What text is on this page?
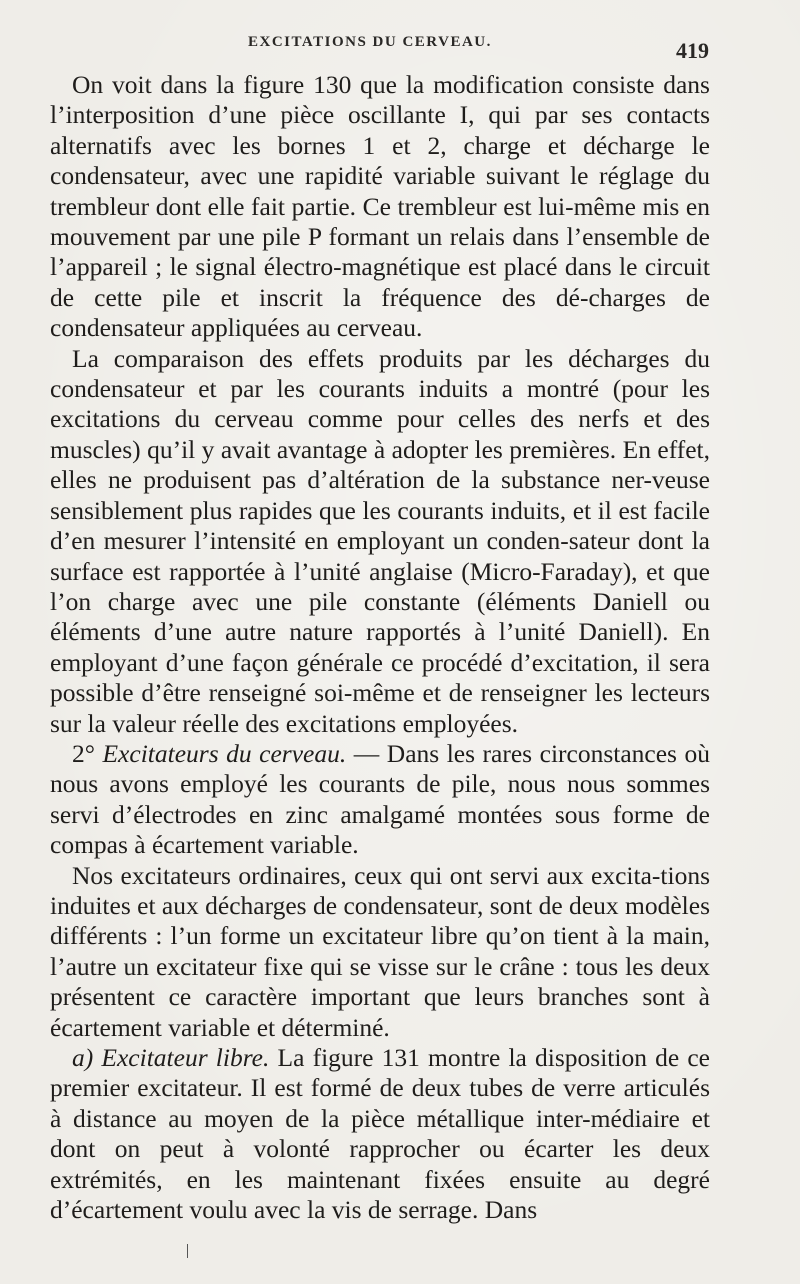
EXCITATIONS DU CERVEAU.	419

On voit dans la figure 130 que la modification consiste dans l’interposition d’une pièce oscillante I, qui par ses contacts alternatifs avec les bornes 1 et 2, charge et décharge le condensateur, avec une rapidité variable suivant le réglage du trembleur dont elle fait partie. Ce trembleur est lui-même mis en mouvement par une pile P formant un relais dans l’ensemble de l’appareil ; le signal électro-magnétique est placé dans le circuit de cette pile et inscrit la fréquence des dé-charges de condensateur appliquées au cerveau.

La comparaison des effets produits par les décharges du condensateur et par les courants induits a montré (pour les excitations du cerveau comme pour celles des nerfs et des muscles) qu’il y avait avantage à adopter les premières. En effet, elles ne produisent pas d’altération de la substance ner-veuse sensiblement plus rapides que les courants induits, et il est facile d’en mesurer l’intensité en employant un conden-sateur dont la surface est rapportée à l’unité anglaise (Micro-Faraday), et que l’on charge avec une pile constante (éléments Daniell ou éléments d’une autre nature rapportés à l’unité Daniell). En employant d’une façon générale ce procédé d’excitation, il sera possible d’être renseigné soi-même et de renseigner les lecteurs sur la valeur réelle des excitations employées.

2° Excitateurs du cerveau. — Dans les rares circonstances où nous avons employé les courants de pile, nous nous sommes servi d’électrodes en zinc amalgamé montées sous forme de compas à écartement variable.

Nos excitateurs ordinaires, ceux qui ont servi aux excita-tions induites et aux décharges de condensateur, sont de deux modèles différents : l’un forme un excitateur libre qu’on tient à la main, l’autre un excitateur fixe qui se visse sur le crâne : tous les deux présentent ce caractère important que leurs branches sont à écartement variable et déterminé.

a) Excitateur libre. La figure 131 montre la disposition de ce premier excitateur. Il est formé de deux tubes de verre articulés à distance au moyen de la pièce métallique inter-médiaire et dont on peut à volonté rapprocher ou écarter les deux extrémités, en les maintenant fixées ensuite au degré d’écartement voulu avec la vis de serrage. Dans
